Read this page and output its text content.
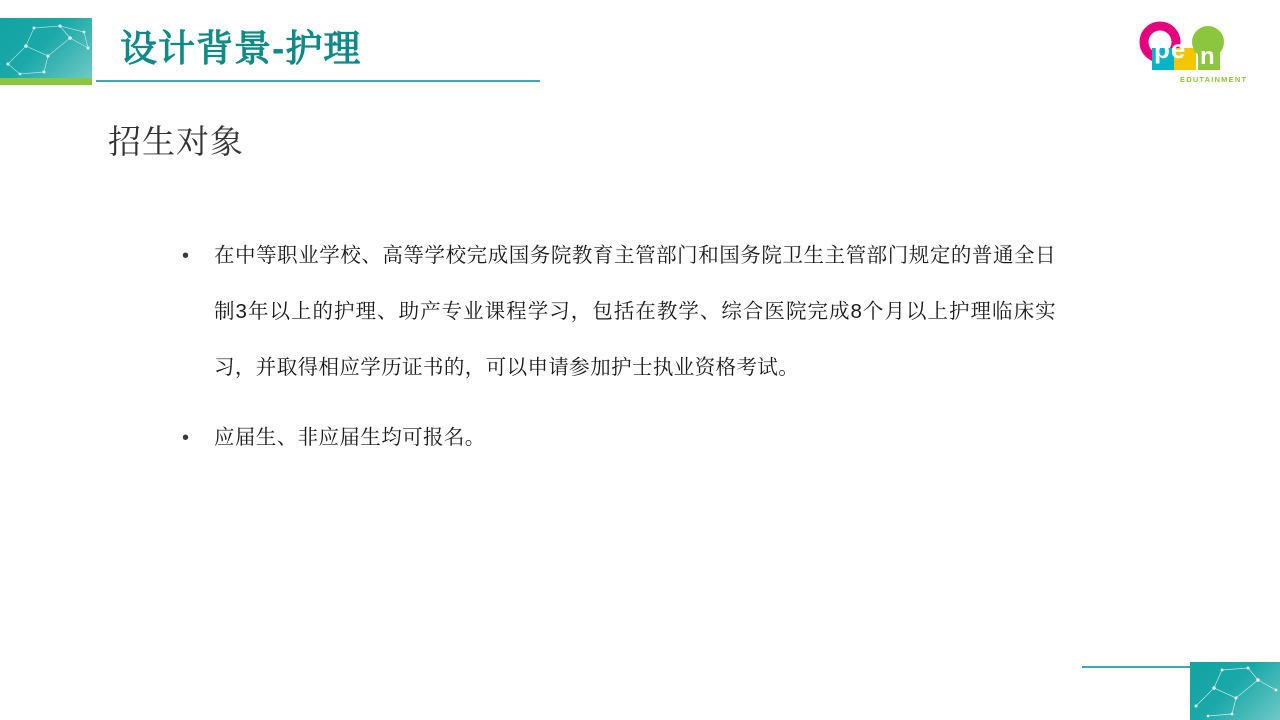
设计背景-护理	pe n
EDUTAINMENT
招生对象
•	在中等职业学校、高等学校完成国务院教育主管部门和国务院卫生主管部门规定的普通全日制3年以上的护理、助产专业课程学习，包括在教学、综合医院完成8个月以上护理临床实习，并取得相应学历证书的，可以申请参加护士执业资格考试。
•	应届生、非应届生均可报名。
